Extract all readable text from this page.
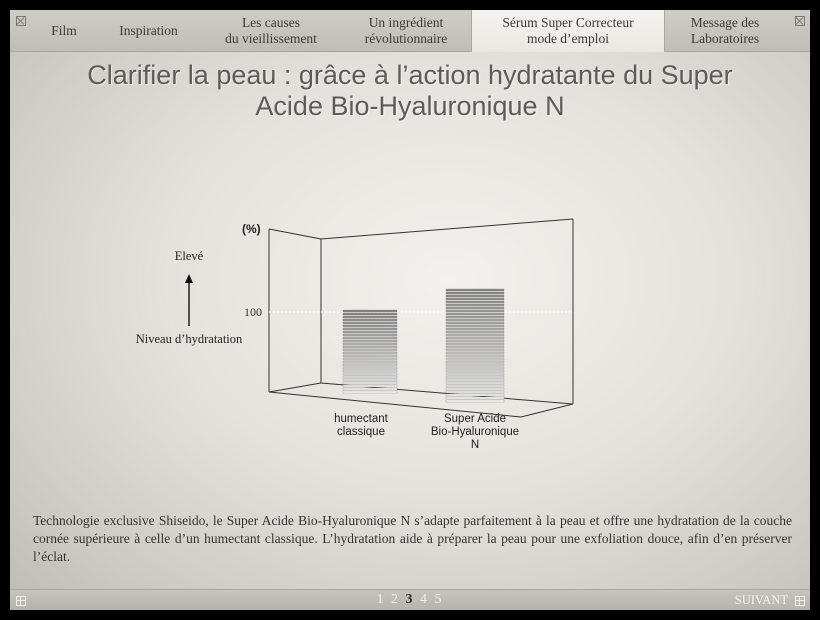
Film	Inspiration
Les causes
du vieillissement
Un ingrédient
révolutionnaire
Sérum Super Correcteur
mode d’emploi
Message des
Laboratoires
Clarifier la peau : grâce à l’action hydratante du Super
Acide Bio-Hyaluronique N
(%)
100
Elevé
Niveau d’hydratation
humectant
classique
Super Acide
Bio-Hyaluronique
N
Technologie exclusive Shiseido, le Super Acide Bio-Hyaluronique N s’adapte parfaitement à la peau et offre une hydratation de la couche cornée supérieure à celle d’un humectant classique. L’hydratation aide à préparer la peau pour une exfoliation douce, afin d’en préserver l’éclat.
1 2 3 4 5	SUIVANT
